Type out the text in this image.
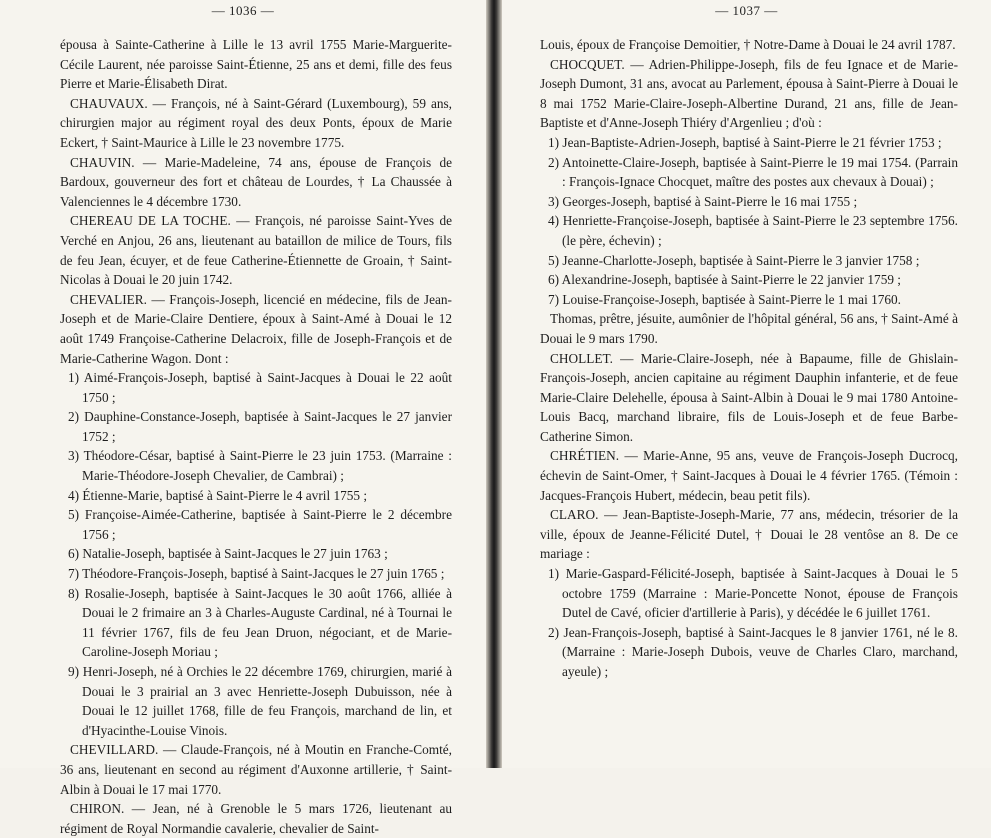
— 1036 —

épousa à Sainte-Catherine à Lille le 13 avril 1755 Marie-Marguerite-Cécile Laurent, née paroisse Saint-Étienne, 25 ans et demi, fille des feus Pierre et Marie-Élisabeth Dirat.

CHAUVAUX. — François, né à Saint-Gérard (Luxembourg), 59 ans, chirurgien major au régiment royal des deux Ponts, époux de Marie Eckert, † Saint-Maurice à Lille le 23 novembre 1775.

CHAUVIN. — Marie-Madeleine, 74 ans, épouse de François de Bardoux, gouverneur des fort et château de Lourdes, † La Chaussée à Valenciennes le 4 décembre 1730.

CHEREAU DE LA TOCHE. — François, né paroisse Saint-Yves de Verché en Anjou, 26 ans, lieutenant au bataillon de milice de Tours, fils de feu Jean, écuyer, et de feue Catherine-Étiennette de Groain, † Saint-Nicolas à Douai le 20 juin 1742.

CHEVALIER. — François-Joseph, licencié en médecine, fils de Jean-Joseph et de Marie-Claire Dentiere, époux à Saint-Amé à Douai le 12 août 1749 Françoise-Catherine Delacroix, fille de Joseph-François et de Marie-Catherine Wagon. Dont :

1) Aimé-François-Joseph, baptisé à Saint-Jacques à Douai le 22 août 1750 ;

2) Dauphine-Constance-Joseph, baptisée à Saint-Jacques le 27 janvier 1752 ;

3) Théodore-César, baptisé à Saint-Pierre le 23 juin 1753. (Marraine : Marie-Théodore-Joseph Chevalier, de Cambrai) ;

4) Étienne-Marie, baptisé à Saint-Pierre le 4 avril 1755 ;

5) Françoise-Aimée-Catherine, baptisée à Saint-Pierre le 2 décembre 1756 ;

6) Natalie-Joseph, baptisée à Saint-Jacques le 27 juin 1763 ;

7) Théodore-François-Joseph, baptisé à Saint-Jacques le 27 juin 1765 ;

8) Rosalie-Joseph, baptisée à Saint-Jacques le 30 août 1766, alliée à Douai le 2 frimaire an 3 à Charles-Auguste Cardinal, né à Tournai le 11 février 1767, fils de feu Jean Druon, négociant, et de Marie-Caroline-Joseph Moriau ;

9) Henri-Joseph, né à Orchies le 22 décembre 1769, chirurgien, marié à Douai le 3 prairial an 3 avec Henriette-Joseph Dubuisson, née à Douai le 12 juillet 1768, fille de feu François, marchand de lin, et d'Hyacinthe-Louise Vinois.

CHEVILLARD. — Claude-François, né à Moutin en Franche-Comté, 36 ans, lieutenant en second au régiment d'Auxonne artillerie, † Saint-Albin à Douai le 17 mai 1770.

CHIRON. — Jean, né à Grenoble le 5 mars 1726, lieutenant au régiment de Royal Normandie cavalerie, chevalier de Saint-

— 1037 —

Louis, époux de Françoise Demoitier, † Notre-Dame à Douai le 24 avril 1787.

CHOCQUET. — Adrien-Philippe-Joseph, fils de feu Ignace et de Marie-Joseph Dumont, 31 ans, avocat au Parlement, épousa à Saint-Pierre à Douai le 8 mai 1752 Marie-Claire-Joseph-Albertine Durand, 21 ans, fille de Jean-Baptiste et d'Anne-Joseph Thiéry d'Argenlieu ; d'où :

1) Jean-Baptiste-Adrien-Joseph, baptisé à Saint-Pierre le 21 février 1753 ;

2) Antoinette-Claire-Joseph, baptisée à Saint-Pierre le 19 mai 1754. (Parrain : François-Ignace Chocquet, maître des postes aux chevaux à Douai) ;

3) Georges-Joseph, baptisé à Saint-Pierre le 16 mai 1755 ;

4) Henriette-Françoise-Joseph, baptisée à Saint-Pierre le 23 septembre 1756. (le père, échevin) ;

5) Jeanne-Charlotte-Joseph, baptisée à Saint-Pierre le 3 janvier 1758 ;

6) Alexandrine-Joseph, baptisée à Saint-Pierre le 22 janvier 1759 ;

7) Louise-Françoise-Joseph, baptisée à Saint-Pierre le 1 mai 1760.

Thomas, prêtre, jésuite, aumônier de l'hôpital général, 56 ans, † Saint-Amé à Douai le 9 mars 1790.

CHOLLET. — Marie-Claire-Joseph, née à Bapaume, fille de Ghislain-François-Joseph, ancien capitaine au régiment Dauphin infanterie, et de feue Marie-Claire Delehelle, épousa à Saint-Albin à Douai le 9 mai 1780 Antoine-Louis Bacq, marchand libraire, fils de Louis-Joseph et de feue Barbe-Catherine Simon.

CHRÉTIEN. — Marie-Anne, 95 ans, veuve de François-Joseph Ducrocq, échevin de Saint-Omer, † Saint-Jacques à Douai le 4 février 1765. (Témoin : Jacques-François Hubert, médecin, beau petit fils).

CLARO. — Jean-Baptiste-Joseph-Marie, 77 ans, médecin, trésorier de la ville, époux de Jeanne-Félicité Dutel, † Douai le 28 ventôse an 8. De ce mariage :

1) Marie-Gaspard-Félicité-Joseph, baptisée à Saint-Jacques à Douai le 5 octobre 1759 (Marraine : Marie-Poncette Nonot, épouse de François Dutel de Cavé, oficier d'artillerie à Paris), y décédée le 6 juillet 1761.

2) Jean-François-Joseph, baptisé à Saint-Jacques le 8 janvier 1761, né le 8. (Marraine : Marie-Joseph Dubois, veuve de Charles Claro, marchand, ayeule) ;
